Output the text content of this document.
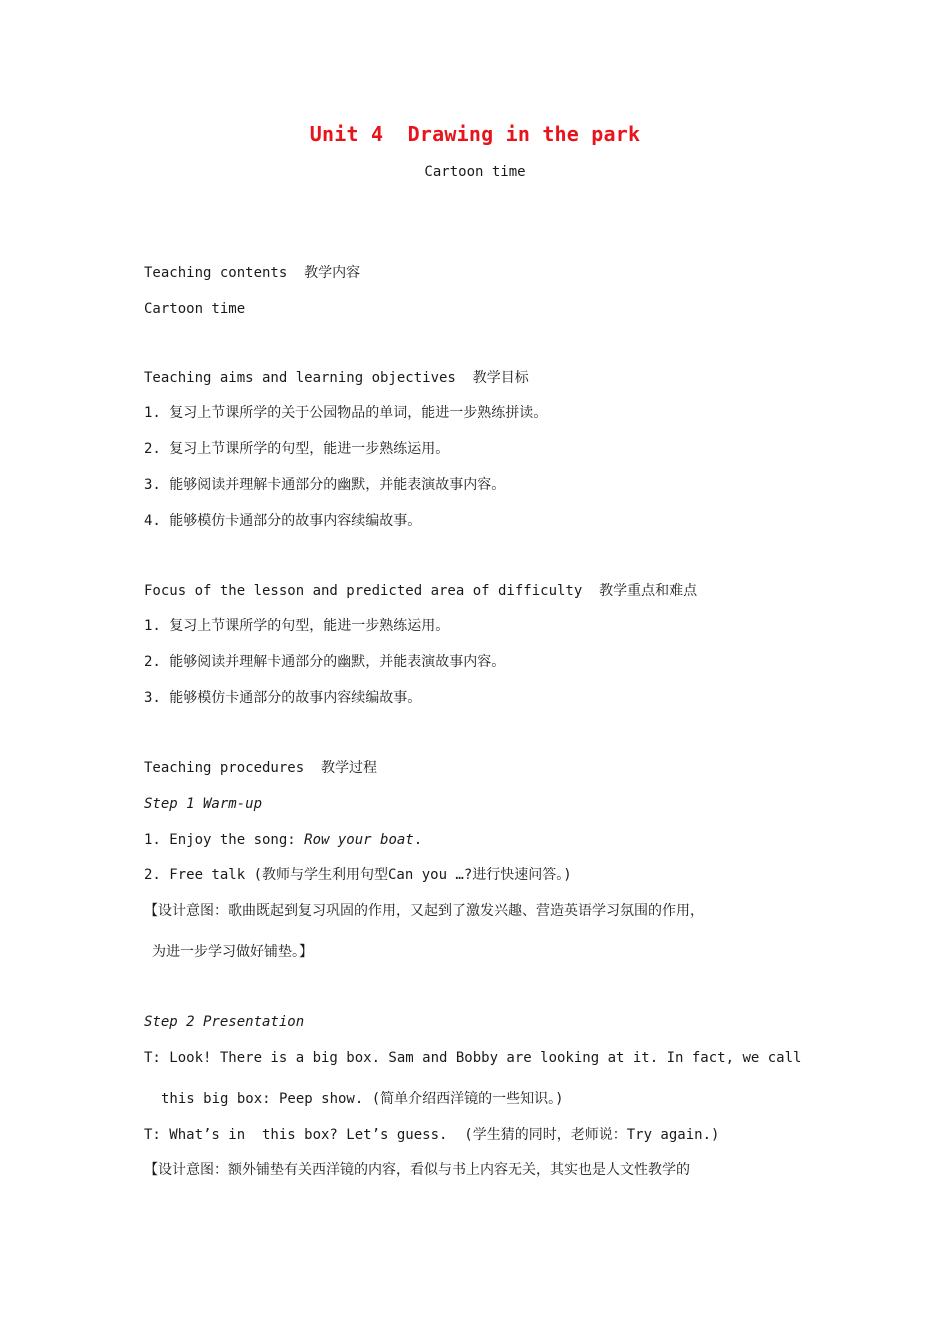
Unit 4  Drawing in the park
Cartoon time
Teaching contents  教学内容
Cartoon time
Teaching aims and learning objectives  教学目标
1. 复习上节课所学的关于公园物品的单词，能进一步熟练拼读。
2. 复习上节课所学的句型，能进一步熟练运用。
3. 能够阅读并理解卡通部分的幽默，并能表演故事内容。
4. 能够模仿卡通部分的故事内容续编故事。
Focus of the lesson and predicted area of difficulty  教学重点和难点
1. 复习上节课所学的句型，能进一步熟练运用。
2. 能够阅读并理解卡通部分的幽默，并能表演故事内容。
3. 能够模仿卡通部分的故事内容续编故事。
Teaching procedures  教学过程
Step 1 Warm-up
1. Enjoy the song: Row your boat.
2. Free talk (教师与学生利用句型Can you …?进行快速问答。)
【设计意图：歌曲既起到复习巩固的作用，又起到了激发兴趣、营造英语学习氛围的作用，
为进一步学习做好铺垫。】
Step 2 Presentation
T: Look! There is a big box. Sam and Bobby are looking at it. In fact, we call
this big box: Peep show. (简单介绍西洋镜的一些知识。)
T: What’s in  this box? Let’s guess.  (学生猜的同时，老师说：Try again.)
【设计意图：额外铺垫有关西洋镜的内容，看似与书上内容无关，其实也是人文性教学的
